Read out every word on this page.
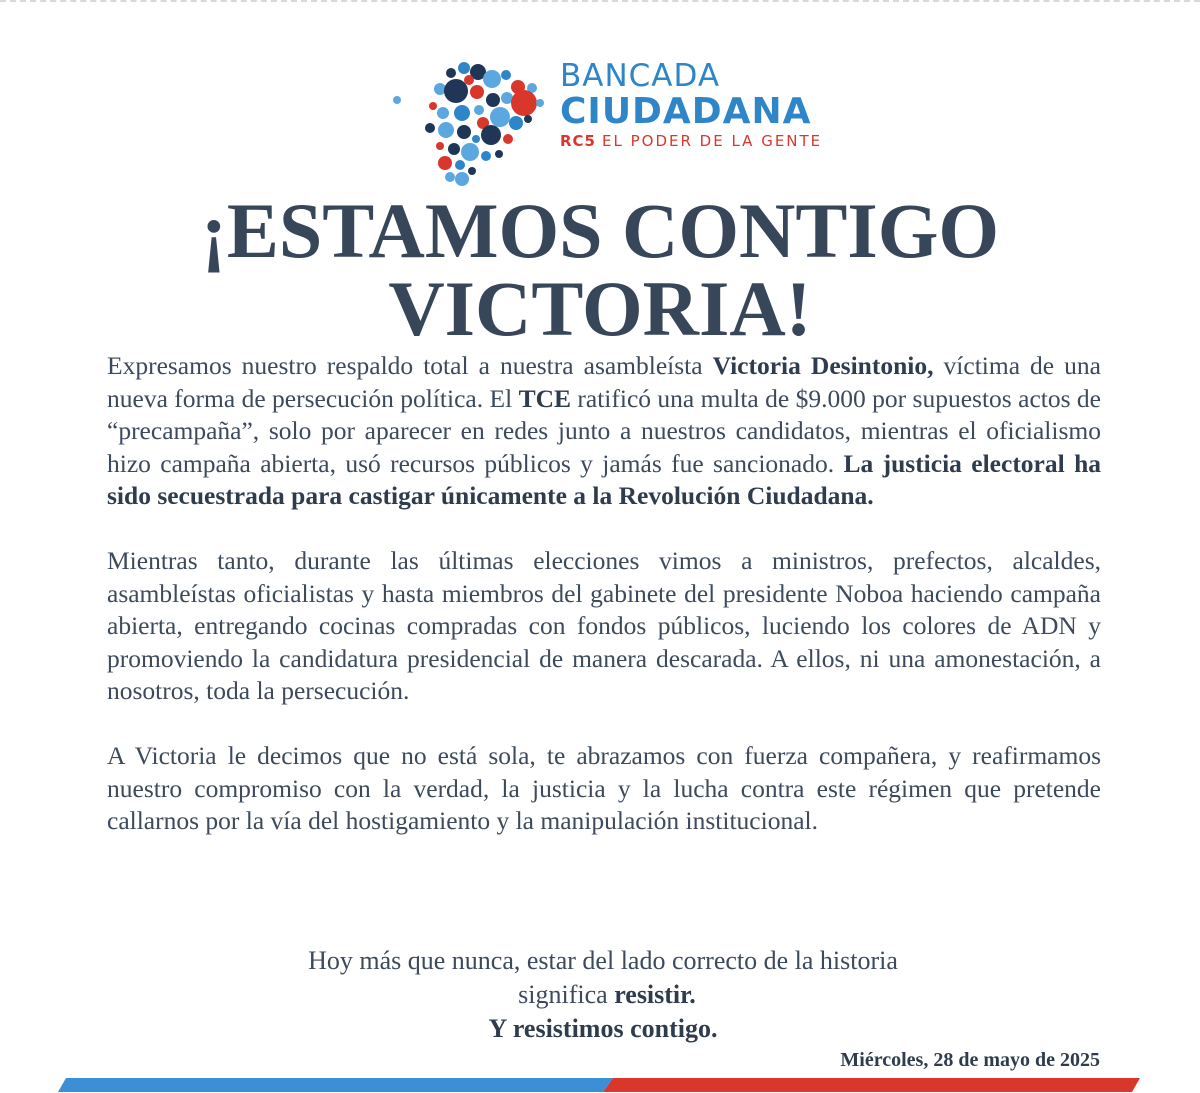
BANCADA
CIUDADANA
RC5 EL PODER DE LA GENTE
¡ESTAMOS CONTIGO
VICTORIA!

Expresamos nuestro respaldo total a nuestra asambleísta Victoria Desintonio, víctima de una nueva forma de persecución política. El TCE ratificó una multa de $9.000 por supuestos actos de “precampaña”, solo por aparecer en redes junto a nuestros candidatos, mientras el oficialismo hizo campaña abierta, usó recursos públicos y jamás fue sancionado. La justicia electoral ha sido secuestrada para castigar únicamente a la Revolución Ciudadana.

Mientras tanto, durante las últimas elecciones vimos a ministros, prefectos, alcaldes, asambleístas oficialistas y hasta miembros del gabinete del presidente Noboa haciendo campaña abierta, entregando cocinas compradas con fondos públicos, luciendo los colores de ADN y promoviendo la candidatura presidencial de manera descarada. A ellos, ni una amonestación, a nosotros, toda la persecución.

A Victoria le decimos que no está sola, te abrazamos con fuerza compañera, y reafirmamos nuestro compromiso con la verdad, la justicia y la lucha contra este régimen que pretende callarnos por la vía del hostigamiento y la manipulación institucional.

Hoy más que nunca, estar del lado correcto de la historia
significa resistir.
Y resistimos contigo.
Miércoles, 28 de mayo de 2025
